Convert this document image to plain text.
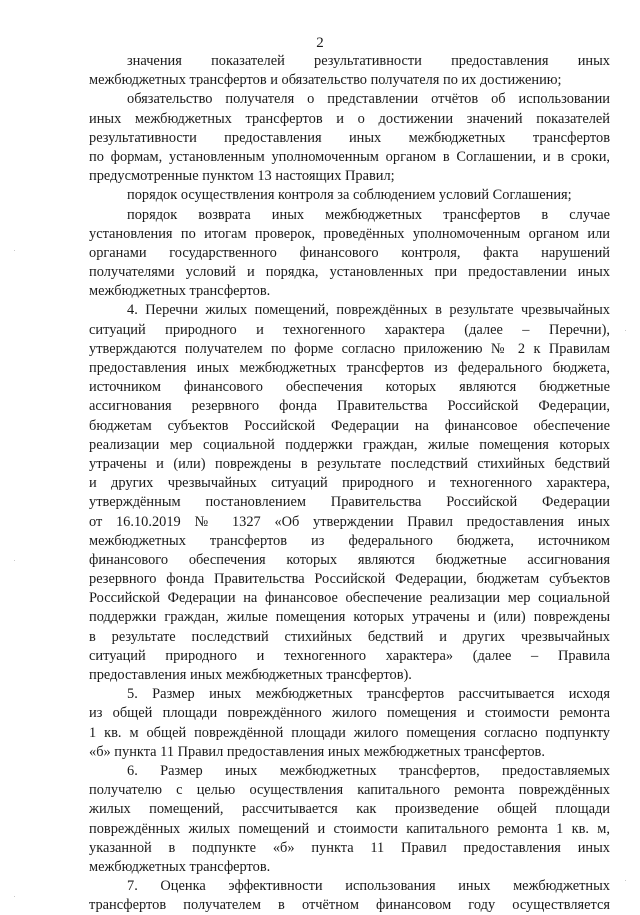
2
значения показателей результативности предоставления иных
межбюджетных трансфертов и обязательство получателя по их достижению;
обязательство получателя о представлении отчётов об использовании
иных межбюджетных трансфертов и о достижении значений показателей
результативности предоставления иных межбюджетных трансфертов
по формам, установленным уполномоченным органом в Соглашении, и в сроки,
предусмотренные пунктом 13 настоящих Правил;
порядок осуществления контроля за соблюдением условий Соглашения;
порядок возврата иных межбюджетных трансфертов в случае
установления по итогам проверок, проведённых уполномоченным органом или
органами государственного финансового контроля, факта нарушений
получателями условий и порядка, установленных при предоставлении иных
межбюджетных трансфертов.
4. Перечни жилых помещений, повреждённых в результате чрезвычайных
ситуаций природного и техногенного характера (далее – Перечни),
утверждаются получателем по форме согласно приложению № 2 к Правилам
предоставления иных межбюджетных трансфертов из федерального бюджета,
источником финансового обеспечения которых являются бюджетные
ассигнования резервного фонда Правительства Российской Федерации,
бюджетам субъектов Российской Федерации на финансовое обеспечение
реализации мер социальной поддержки граждан, жилые помещения которых
утрачены и (или) повреждены в результате последствий стихийных бедствий
и других чрезвычайных ситуаций природного и техногенного характера,
утверждённым постановлением Правительства Российской Федерации
от 16.10.2019 № 1327 «Об утверждении Правил предоставления иных
межбюджетных трансфертов из федерального бюджета, источником
финансового обеспечения которых являются бюджетные ассигнования
резервного фонда Правительства Российской Федерации, бюджетам субъектов
Российской Федерации на финансовое обеспечение реализации мер социальной
поддержки граждан, жилые помещения которых утрачены и (или) повреждены
в результате последствий стихийных бедствий и других чрезвычайных
ситуаций природного и техногенного характера» (далее – Правила
предоставления иных межбюджетных трансфертов).
5. Размер иных межбюджетных трансфертов рассчитывается исходя
из общей площади повреждённого жилого помещения и стоимости ремонта
1 кв. м общей повреждённой площади жилого помещения согласно подпункту
«б» пункта 11 Правил предоставления иных межбюджетных трансфертов.
6. Размер иных межбюджетных трансфертов, предоставляемых
получателю с целью осуществления капитального ремонта повреждённых
жилых помещений, рассчитывается как произведение общей площади
повреждённых жилых помещений и стоимости капитального ремонта 1 кв. м,
указанной в подпункте «б» пункта 11 Правил предоставления иных
межбюджетных трансфертов.
7. Оценка эффективности использования иных межбюджетных
трансфертов получателем в отчётном финансовом году осуществляется
